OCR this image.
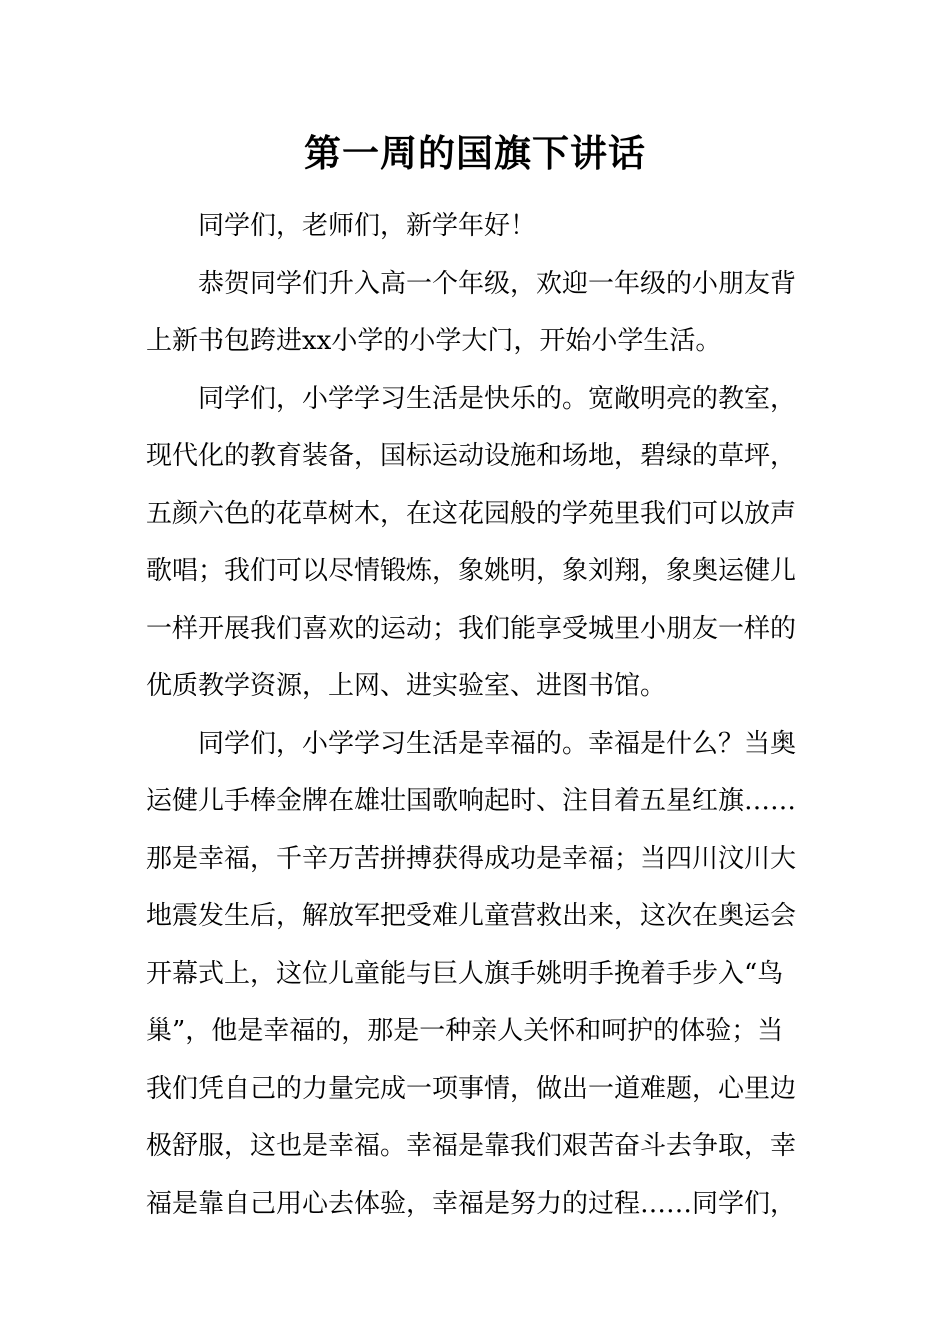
第一周的国旗下讲话
同学们，老师们，新学年好！
恭贺同学们升入高一个年级，欢迎一年级的小朋友背
上新书包跨进xx小学的小学大门，开始小学生活。
同学们，小学学习生活是快乐的。宽敞明亮的教室，
现代化的教育装备，国标运动设施和场地，碧绿的草坪，
五颜六色的花草树木，在这花园般的学苑里我们可以放声
歌唱；我们可以尽情锻炼，象姚明，象刘翔，象奥运健儿
一样开展我们喜欢的运动；我们能享受城里小朋友一样的
优质教学资源，上网、进实验室、进图书馆。
同学们，小学学习生活是幸福的。幸福是什么？当奥
运健儿手棒金牌在雄壮国歌响起时、注目着五星红旗……
那是幸福，千辛万苦拼搏获得成功是幸福；当四川汶川大
地震发生后，解放军把受难儿童营救出来，这次在奥运会
开幕式上，这位儿童能与巨人旗手姚明手挽着手步入“鸟
巢”，他是幸福的，那是一种亲人关怀和呵护的体验；当
我们凭自己的力量完成一项事情，做出一道难题，心里边
极舒服，这也是幸福。幸福是靠我们艰苦奋斗去争取，幸
福是靠自己用心去体验，幸福是努力的过程……同学们，
